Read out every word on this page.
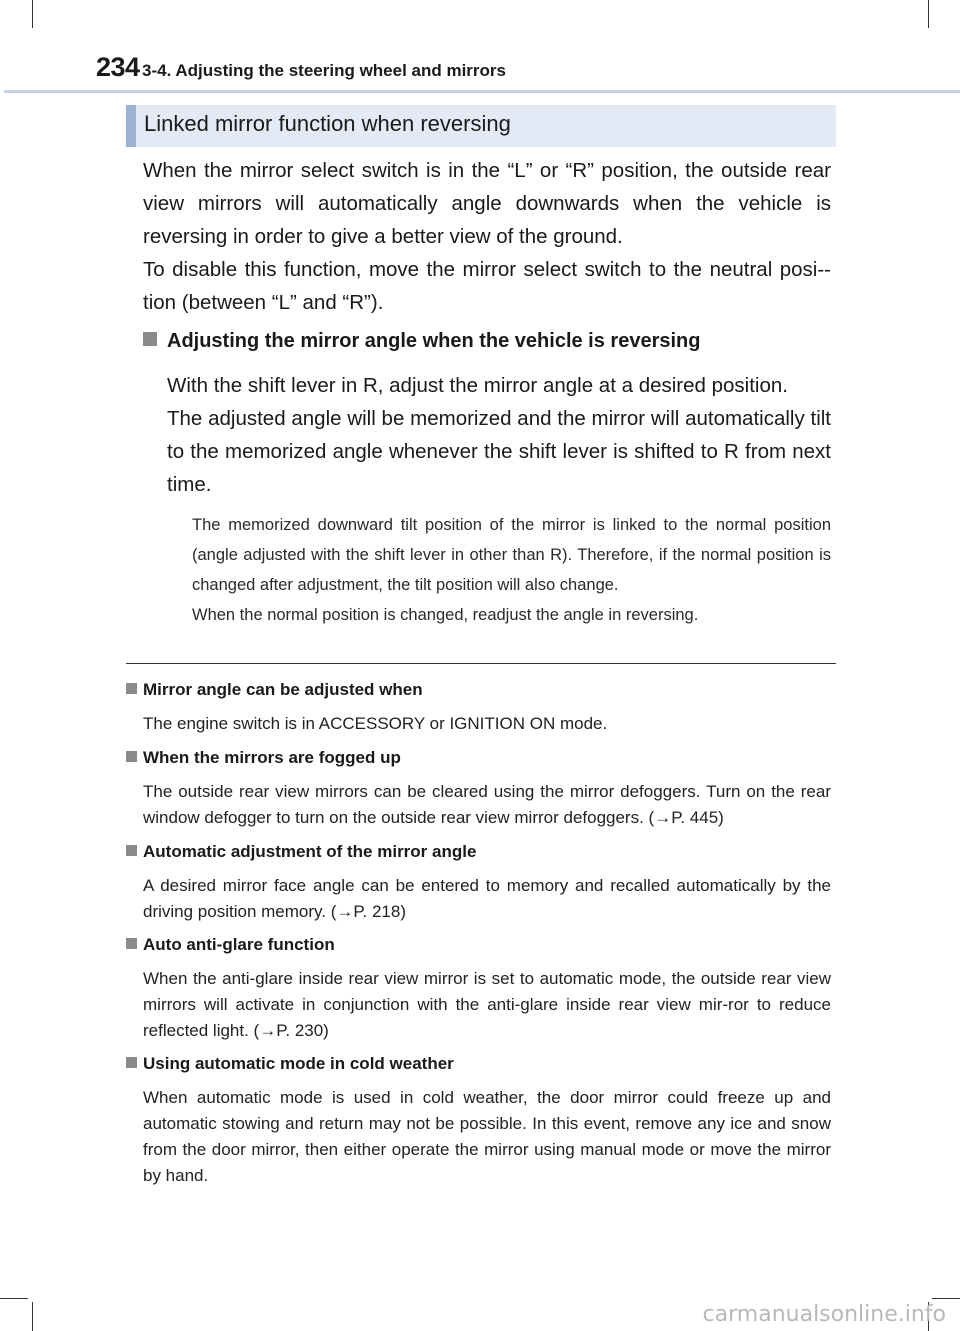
234 3-4. Adjusting the steering wheel and mirrors
Linked mirror function when reversing
When the mirror select switch is in the “L” or “R” position, the outside rear view mirrors will automatically angle downwards when the vehicle is reversing in order to give a better view of the ground.
To disable this function, move the mirror select switch to the neutral posi-tion (between “L” and “R”).
Adjusting the mirror angle when the vehicle is reversing
With the shift lever in R, adjust the mirror angle at a desired position.
The adjusted angle will be memorized and the mirror will automatically tilt to the memorized angle whenever the shift lever is shifted to R from next time.
The memorized downward tilt position of the mirror is linked to the normal position (angle adjusted with the shift lever in other than R). Therefore, if the normal position is changed after adjustment, the tilt position will also change.
When the normal position is changed, readjust the angle in reversing.
Mirror angle can be adjusted when
The engine switch is in ACCESSORY or IGNITION ON mode.
When the mirrors are fogged up
The outside rear view mirrors can be cleared using the mirror defoggers. Turn on the rear window defogger to turn on the outside rear view mirror defoggers. (→P. 445)
Automatic adjustment of the mirror angle
A desired mirror face angle can be entered to memory and recalled automatically by the driving position memory. (→P. 218)
Auto anti-glare function
When the anti-glare inside rear view mirror is set to automatic mode, the outside rear view mirrors will activate in conjunction with the anti-glare inside rear view mir-ror to reduce reflected light. (→P. 230)
Using automatic mode in cold weather
When automatic mode is used in cold weather, the door mirror could freeze up and automatic stowing and return may not be possible. In this event, remove any ice and snow from the door mirror, then either operate the mirror using manual mode or move the mirror by hand.
carmanualsonline.info
